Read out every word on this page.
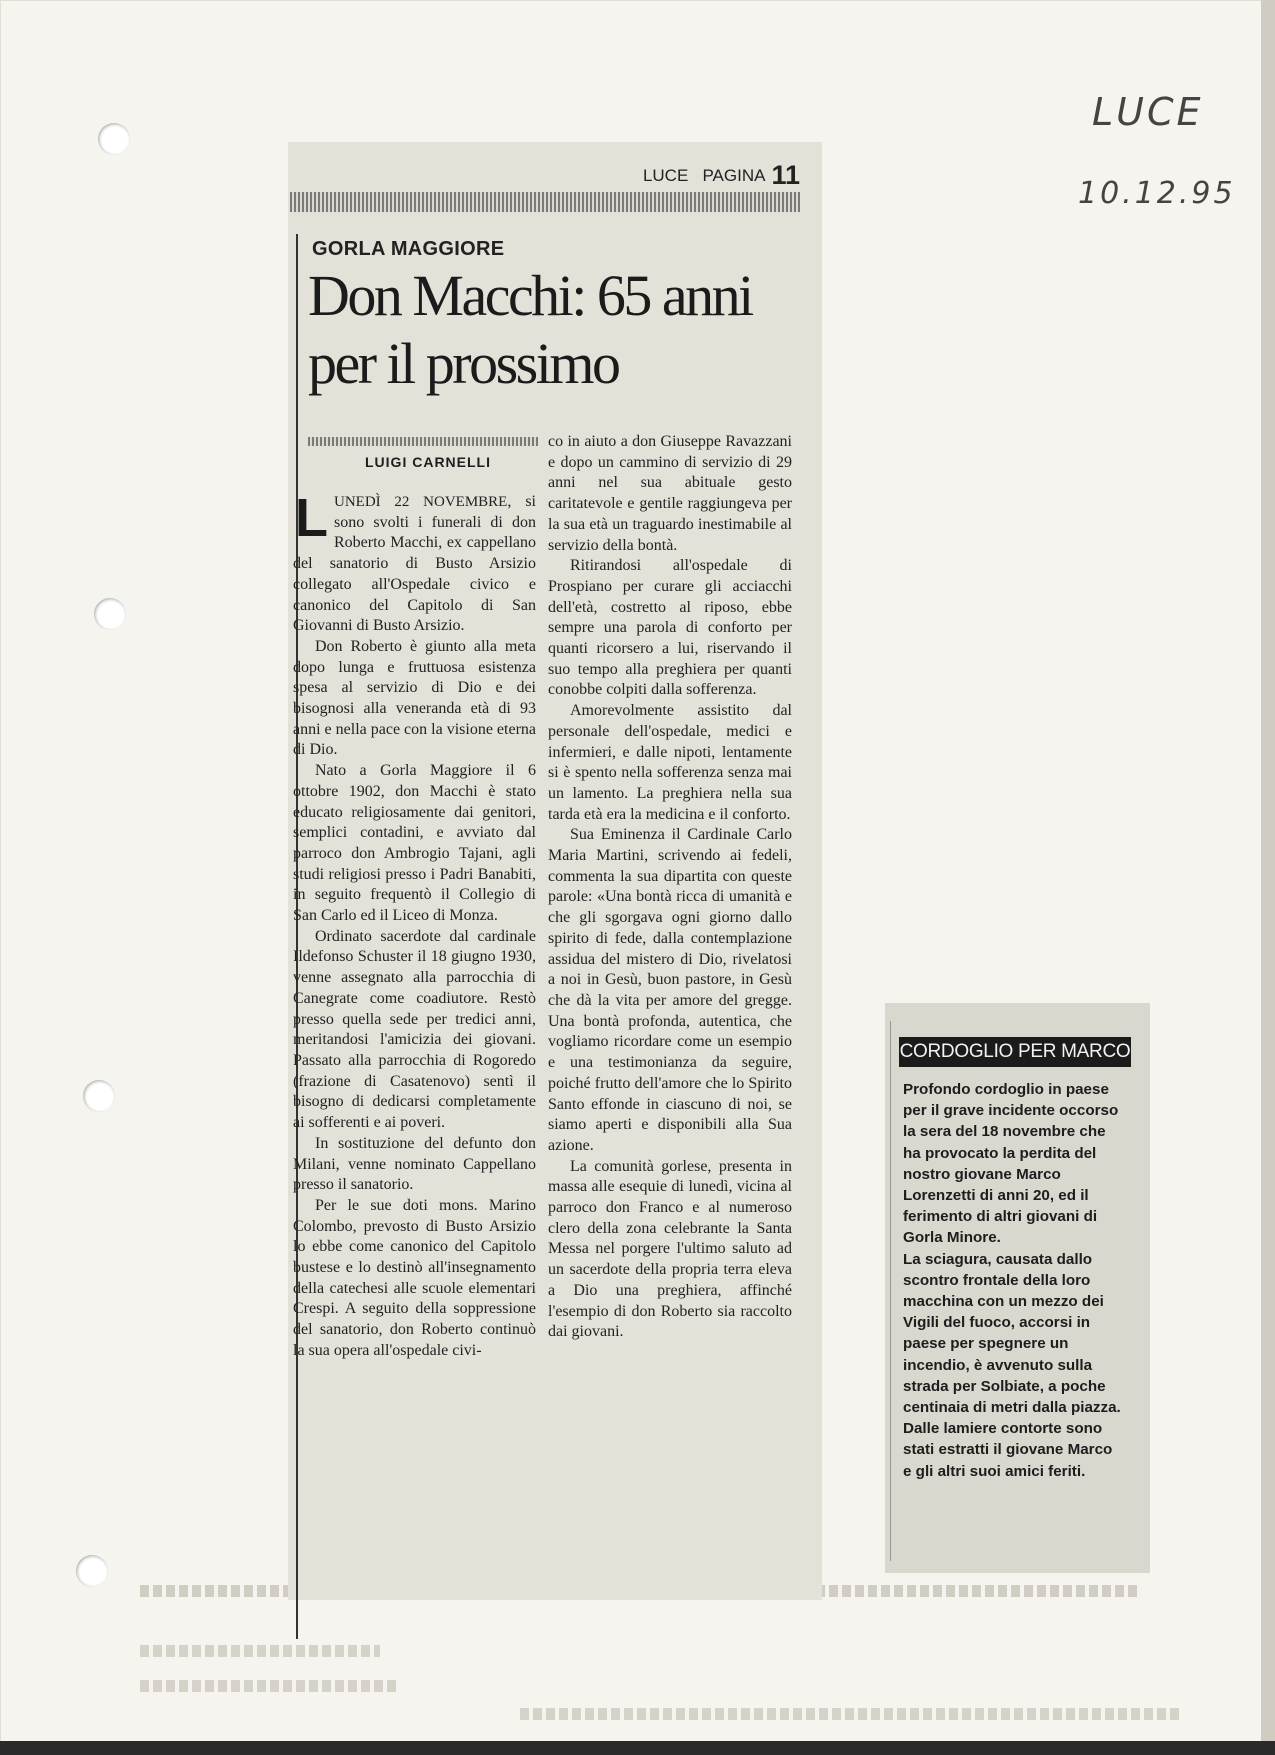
LUCE
10.12.95
LUCE PAGINA 11
GORLA MAGGIORE
Don Macchi: 65 anni
per il prossimo
LUIGI CARNELLI

LUNEDÌ 22 NOVEMBRE, si sono svolti i funerali di don Roberto Macchi, ex cappellano del sanatorio di Busto Arsizio collegato all'Ospedale civico e canonico del Capitolo di San Giovanni di Busto Arsizio.

Don Roberto è giunto alla meta dopo lunga e fruttuosa esistenza spesa al servizio di Dio e dei bisognosi alla veneranda età di 93 anni e nella pace con la visione eterna di Dio.

Nato a Gorla Maggiore il 6 ottobre 1902, don Macchi è stato educato religiosamente dai genitori, semplici contadini, e avviato dal parroco don Ambrogio Tajani, agli studi religiosi presso i Padri Banabiti, in seguito frequentò il Collegio di San Carlo ed il Liceo di Monza.

Ordinato sacerdote dal cardinale Ildefonso Schuster il 18 giugno 1930, venne assegnato alla parrocchia di Canegrate come coadiutore. Restò presso quella sede per tredici anni, meritandosi l'amicizia dei giovani. Passato alla parrocchia di Rogoredo (frazione di Casatenovo) sentì il bisogno di dedicarsi completamente ai sofferenti e ai poveri.

In sostituzione del defunto don Milani, venne nominato Cappellano presso il sanatorio.

Per le sue doti mons. Marino Colombo, prevosto di Busto Arsizio lo ebbe come canonico del Capitolo bustese e lo destinò all'insegnamento della catechesi alle scuole elementari Crespi. A seguito della soppressione del sanatorio, don Roberto continuò la sua opera all'ospedale civi-

co in aiuto a don Giuseppe Ravazzani e dopo un cammino di servizio di 29 anni nel sua abituale gesto caritatevole e gentile raggiungeva per la sua età un traguardo inestimabile al servizio della bontà.

Ritirandosi all'ospedale di Prospiano per curare gli acciacchi dell'età, costretto al riposo, ebbe sempre una parola di conforto per quanti ricorsero a lui, riservando il suo tempo alla preghiera per quanti conobbe colpiti dalla sofferenza.

Amorevolmente assistito dal personale dell'ospedale, medici e infermieri, e dalle nipoti, lentamente si è spento nella sofferenza senza mai un lamento. La preghiera nella sua tarda età era la medicina e il conforto.

Sua Eminenza il Cardinale Carlo Maria Martini, scrivendo ai fedeli, commenta la sua dipartita con queste parole: «Una bontà ricca di umanità e che gli sgorgava ogni giorno dallo spirito di fede, dalla contemplazione assidua del mistero di Dio, rivelatosi a noi in Gesù, buon pastore, in Gesù che dà la vita per amore del gregge. Una bontà profonda, autentica, che vogliamo ricordare come un esempio e una testimonianza da seguire, poiché frutto dell'amore che lo Spirito Santo effonde in ciascuno di noi, se siamo aperti e disponibili alla Sua azione.

La comunità gorlese, presenta in massa alle esequie di lunedì, vicina al parroco don Franco e al numeroso clero della zona celebrante la Santa Messa nel porgere l'ultimo saluto ad un sacerdote della propria terra eleva a Dio una preghiera, affinché l'esempio di don Roberto sia raccolto dai giovani.

CORDOGLIO PER MARCO

Profondo cordoglio in paese per il grave incidente occorso la sera del 18 novembre che ha provocato la perdita del nostro giovane Marco Lorenzetti di anni 20, ed il ferimento di altri giovani di Gorla Minore.

La sciagura, causata dallo scontro frontale della loro macchina con un mezzo dei Vigili del fuoco, accorsi in paese per spegnere un incendio, è avvenuto sulla strada per Solbiate, a poche centinaia di metri dalla piazza.

Dalle lamiere contorte sono stati estratti il giovane Marco e gli altri suoi amici feriti.
